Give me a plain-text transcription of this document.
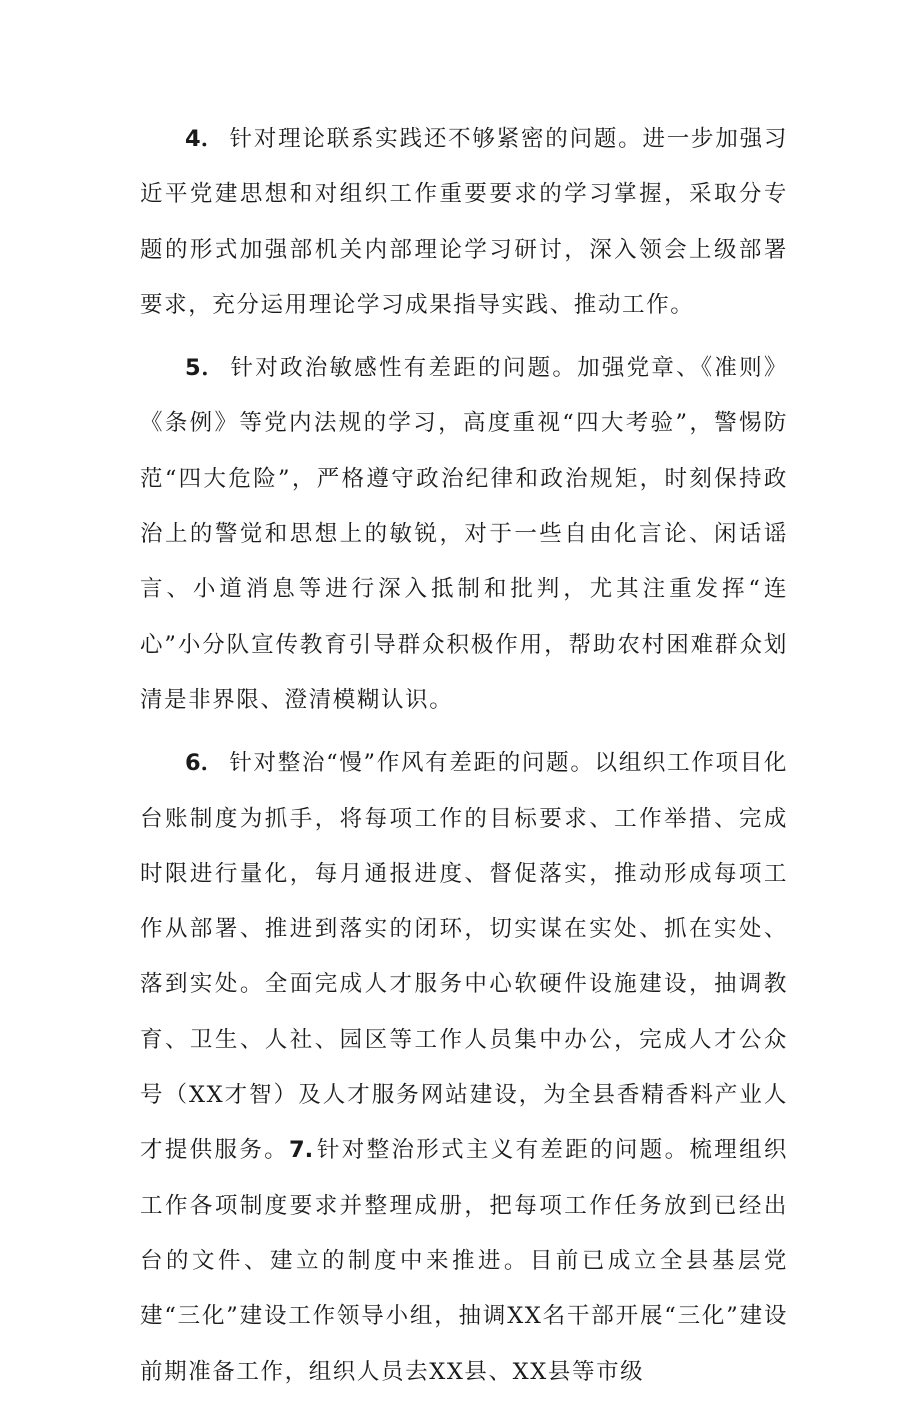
4． 针对理论联系实践还不够紧密的问题。进一步加强习近平党建思想和对组织工作重要要求的学习掌握，采取分专题的形式加强部机关内部理论学习研讨，深入领会上级部署要求，充分运用理论学习成果指导实践、推动工作。

5． 针对政治敏感性有差距的问题。加强党章、《准则》《条例》等党内法规的学习，高度重视“四大考验”，警惕防范“四大危险”，严格遵守政治纪律和政治规矩，时刻保持政治上的警觉和思想上的敏锐，对于一些自由化言论、闲话谣言、小道消息等进行深入抵制和批判，尤其注重发挥“连心”小分队宣传教育引导群众积极作用，帮助农村困难群众划清是非界限、澄清模糊认识。

6． 针对整治“慢”作风有差距的问题。以组织工作项目化台账制度为抓手，将每项工作的目标要求、工作举措、完成时限进行量化，每月通报进度、督促落实，推动形成每项工作从部署、推进到落实的闭环，切实谋在实处、抓在实处、落到实处。全面完成人才服务中心软硬件设施建设，抽调教育、卫生、人社、园区等工作人员集中办公，完成人才公众号（XX才智）及人才服务网站建设，为全县香精香料产业人才提供服务。7. 针对整治形式主义有差距的问题。梳理组织工作各项制度要求并整理成册，把每项工作任务放到已经出台的文件、建立的制度中来推进。目前已成立全县基层党建“三化”建设工作领导小组，抽调XX名干部开展“三化”建设前期准备工作，组织人员去XX县、XX县等市级
